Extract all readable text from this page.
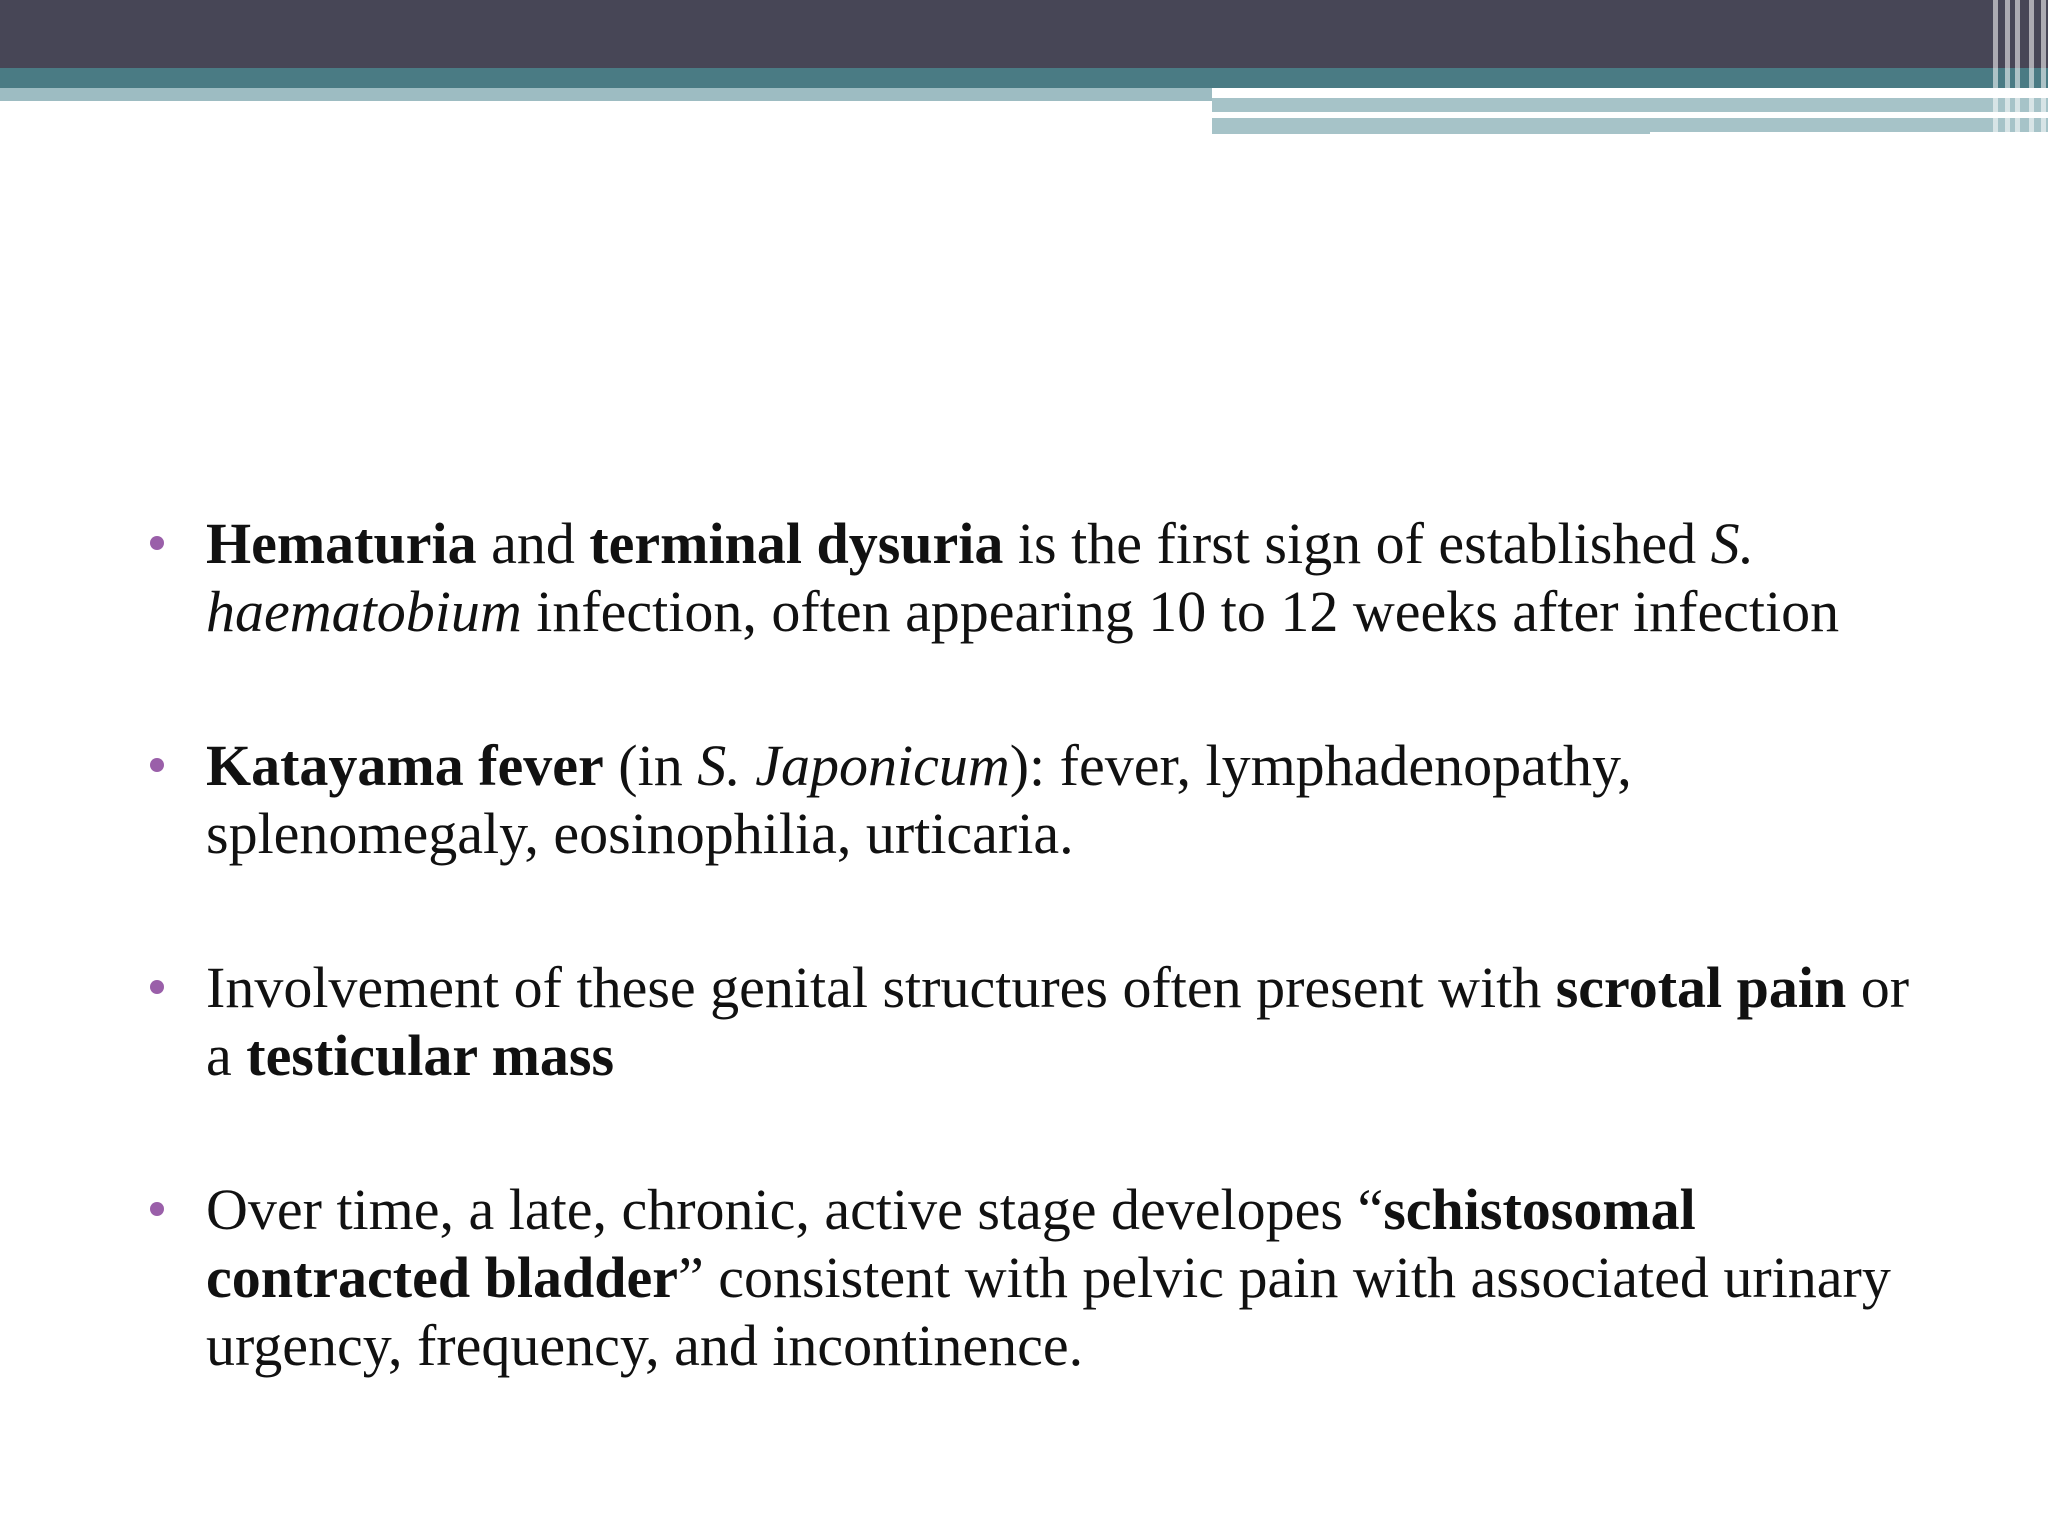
Hematuria and terminal dysuria is the first sign of established S. haematobium infection, often appearing 10 to 12 weeks after infection
Katayama fever (in S. Japonicum): fever, lymphadenopathy, splenomegaly, eosinophilia, urticaria.
Involvement of these genital structures often present with scrotal pain or a testicular mass
Over time, a late, chronic, active stage developes “schistosomal contracted bladder” consistent with pelvic pain with associated urinary urgency, frequency, and incontinence.
